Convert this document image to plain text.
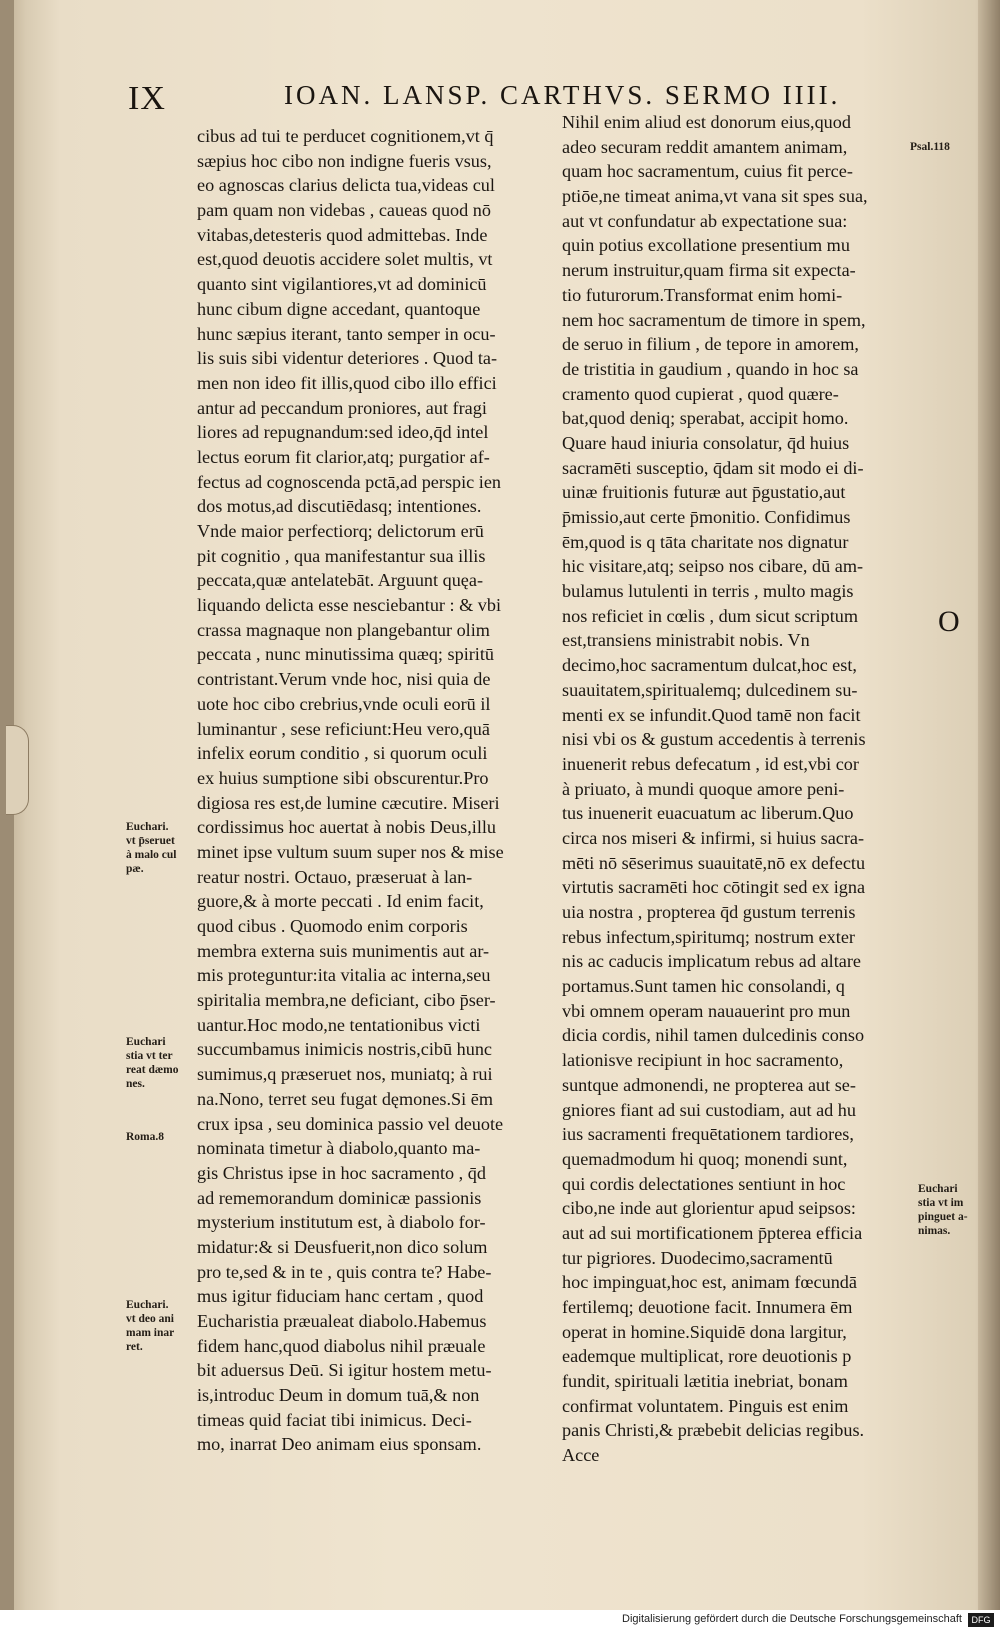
IX	IOAN. LANSP. CARTHVS. SERMO IIII.
cibus ad tui te perducet cognitionem,vt q̄
sæpius hoc cibo non indigne fueris vsus,
eo agnoscas clarius delicta tua,videas cul
pam quam non videbas , caueas quod nō
vitabas,detesteris quod admittebas. Inde
est,quod deuotis accidere solet multis, vt
quanto sint vigilantiores,vt ad dominicū
hunc cibum digne accedant, quantoque
hunc sæpius iterant, tanto semper in ocu-
lis suis sibi videntur deteriores . Quod ta-
men non ideo fit illis,quod cibo illo effici
antur ad peccandum proniores, aut fragi
liores ad repugnandum:sed ideo,q̄d intel
lectus eorum fit clarior,atq; purgatior af-
fectus ad cognoscenda pctā,ad perspic ien
dos motus,ad discutiēdasq; intentiones.
Vnde maior perfectiorq; delictorum erū
pit cognitio , qua manifestantur sua illis
peccata,quæ antelatebāt. Arguunt quęa-
liquando delicta esse nesciebantur : & vbi
crassa magnaque non plangebantur olim
peccata , nunc minutissima quæq; spiritū
contristant.Verum vnde hoc, nisi quia de
uote hoc cibo crebrius,vnde oculi eorū il
luminantur , sese reficiunt:Heu vero,quā
infelix eorum conditio , si quorum oculi
ex huius sumptione sibi obscurentur.Pro
digiosa res est,de lumine cæcutire. Miseri
cordissimus hoc auertat à nobis Deus,illu
minet ipse vultum suum super nos & mise
reatur nostri. Octauo, præseruat à lan-
guore,& à morte peccati . Id enim facit,
quod cibus . Quomodo enim corporis
membra externa suis munimentis aut ar-
mis proteguntur:ita vitalia ac interna,seu
spiritalia membra,ne deficiant, cibo p̄ser-
uantur.Hoc modo,ne tentationibus victi
succumbamus inimicis nostris,cibū hunc
sumimus,q præseruet nos, muniatq; à rui
na.Nono, terret seu fugat dęmones.Si ēm
crux ipsa , seu dominica passio vel deuote
nominata timetur à diabolo,quanto ma-
gis Christus ipse in hoc sacramento , q̄d
ad rememorandum dominicæ passionis
mysterium institutum est, à diabolo for-
midatur:& si Deusfuerit,non dico solum
pro te,sed & in te , quis contra te? Habe-
mus igitur fiduciam hanc certam , quod
Eucharistia præualeat diabolo.Habemus
fidem hanc,quod diabolus nihil præuale
bit aduersus Deū. Si igitur hostem metu-
is,introduc Deum in domum tuā,& non
timeas quid faciat tibi inimicus. Deci-
mo, inarrat Deo animam eius sponsam.
Nihil enim aliud est donorum eius,quod
adeo securam reddit amantem animam,
quam hoc sacramentum, cuius fit perce-
ptiōe,ne timeat anima,vt vana sit spes sua,
aut vt confundatur ab expectatione sua:
quin potius excollatione presentium mu
nerum instruitur,quam firma sit expecta-
tio futurorum.Transformat enim homi-
nem hoc sacramentum de timore in spem,
de seruo in filium , de tepore in amorem,
de tristitia in gaudium , quando in hoc sa
cramento quod cupierat , quod quære-
bat,quod deniq; sperabat, accipit homo.
Quare haud iniuria consolatur, q̄d huius
sacramēti susceptio, q̄dam sit modo ei di-
uinæ fruitionis futuræ aut p̄gustatio,aut
p̄missio,aut certe p̄monitio. Confidimus
ēm,quod is q tāta charitate nos dignatur
hic visitare,atq; seipso nos cibare, dū am-
bulamus lutulenti in terris , multo magis
nos reficiet in cœlis , dum sicut scriptum
est,transiens ministrabit nobis. Vn
decimo,hoc sacramentum dulcat,hoc est,
suauitatem,spiritualemq; dulcedinem su-
menti ex se infundit.Quod tamē non facit
nisi vbi os & gustum accedentis à terrenis
inuenerit rebus defecatum , id est,vbi cor
à priuato, à mundi quoque amore peni-
tus inuenerit euacuatum ac liberum.Quo
circa nos miseri & infirmi, si huius sacra-
mēti nō sēserimus suauitatē,nō ex defectu
virtutis sacramēti hoc cōtingit sed ex igna
uia nostra , propterea q̄d gustum terrenis
rebus infectum,spiritumq; nostrum exter
nis ac caducis implicatum rebus ad altare
portamus.Sunt tamen hic consolandi, q
vbi omnem operam nauauerint pro mun
dicia cordis, nihil tamen dulcedinis conso
lationisve recipiunt in hoc sacramento,
suntque admonendi, ne propterea aut se-
gniores fiant ad sui custodiam, aut ad hu
ius sacramenti frequētationem tardiores,
quemadmodum hi quoq; monendi sunt,
qui cordis delectationes sentiunt in hoc
cibo,ne inde aut glorientur apud seipsos:
aut ad sui mortificationem p̄pterea efficia
tur pigriores. Duodecimo,sacramentū
hoc impinguat,hoc est, animam fœcundā
fertilemq; deuotione facit. Innumera ēm
operat in homine.Siquidē dona largitur,
eademque multiplicat, rore deuotionis p
fundit, spirituali lætitia inebriat, bonam
confirmat voluntatem. Pinguis est enim
panis Christi,& præbebit delicias regibus.
Acce
Psal.118
Euchari.
vt p̄seruet
à malo cul
pæ.
Euchari
stia vt ter
reat dæmo
nes.
Roma.8
Euchari.
vt deo ani
mam inar
ret.
Euchari
stia vt im
pinguet a-
nimas.
O
Digitalisierung gefördert durch die Deutsche Forschungsgemeinschaft	DFG
